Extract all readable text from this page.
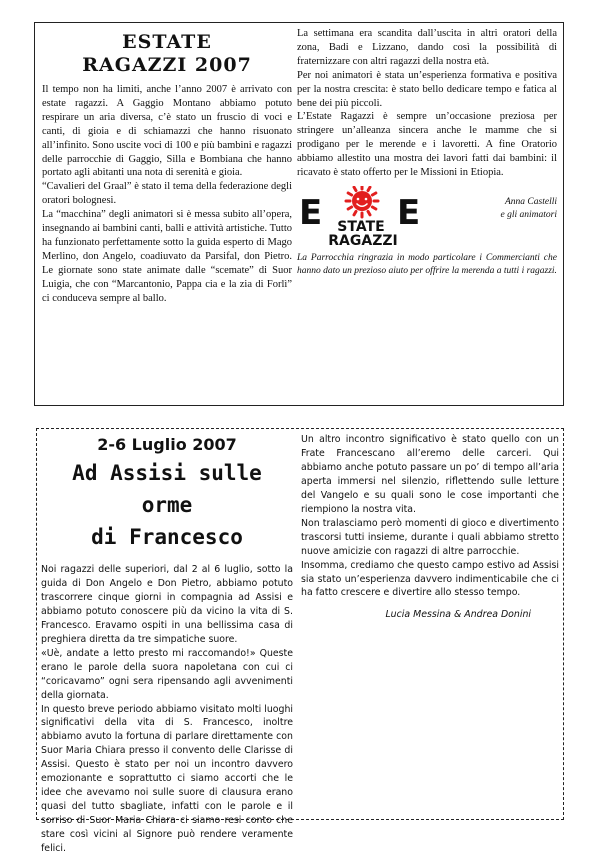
ESTATE
RAGAZZI 2007

Il tempo non ha limiti, anche l’anno 2007 è arrivato con estate ragazzi. A Gaggio Montano abbiamo potuto respirare un aria diversa, c’è stato un fruscio di voci e canti, di gioia e di schiamazzi che hanno risuonato all’infinito. Sono uscite voci di 100 e più bambini e ragazzi delle parrocchie di Gaggio, Silla e Bombiana che hanno portato agli abitanti una nota di serenità e gioia.

“Cavalieri del Graal” è stato il tema della federazione degli oratori bolognesi.

La “macchina” degli animatori si è messa subito all’opera, insegnando ai bambini canti, balli e attività artistiche. Tutto ha funzionato perfettamente sotto la guida esperto di Mago Merlino, don Angelo, coadiuvato da Parsifal, don Pietro. Le giornate sono state animate dalle “scemate” di Suor Luigia, che con “Marcantonio, Pappa cia e la zia di Forlì” ci conduceva sempre al ballo.

La settimana era scandita dall’uscita in altri oratori della zona, Badi e Lizzano, dando così la possibilità di fraternizzare con altri ragazzi della nostra età.

Per noi animatori è stata un’esperienza formativa e positiva per la nostra crescita: è stato bello dedicare tempo e fatica al bene dei più piccoli.

L’Estate Ragazzi è sempre un’occasione preziosa per stringere un’alleanza sincera anche le mamme che si prodigano per le merende e i lavoretti. A fine Oratorio abbiamo allestito una mostra dei lavori fatti dai bambini: il ricavato è stato offerto per le Missioni in Etiopia.

E E
STATE
RAGAZZI
Anna Castelli
e gli animatori

La Parrocchia ringrazia in modo particolare i Commercianti che hanno dato un prezioso aiuto per offrire la merenda a tutti i ragazzi.

2-6 Luglio 2007
Ad Assisi sulle orme
di Francesco

Noi ragazzi delle superiori, dal 2 al 6 luglio, sotto la guida di Don Angelo e Don Pietro, abbiamo potuto trascorrere cinque giorni in compagnia ad Assisi e abbiamo potuto conoscere più da vicino la vita di S. Francesco. Eravamo ospiti in una bellissima casa di preghiera diretta da tre simpatiche suore.

«Uè, andate a letto presto mi raccomando!» Queste erano le parole della suora napoletana con cui ci “coricavamo” ogni sera ripensando agli avvenimenti della giornata.

In questo breve periodo abbiamo visitato molti luoghi significativi della vita di S. Francesco, inoltre abbiamo avuto la fortuna di parlare direttamente con Suor Maria Chiara presso il convento delle Clarisse di Assisi. Questo è stato per noi un incontro davvero emozionante e soprattutto ci siamo accorti che le idee che avevamo noi sulle suore di clausura erano quasi del tutto sbagliate, infatti con le parole e il sorriso di Suor Maria Chiara ci siamo resi conto che stare così vicini al Signore può rendere veramente felici.

Un altro incontro significativo è stato quello con un Frate Francescano all’eremo delle carceri. Qui abbiamo anche potuto passare un po’ di tempo all’aria aperta immersi nel silenzio, riflettendo sulle letture del Vangelo e su quali sono le cose importanti che riempiono la nostra vita.

Non tralasciamo però momenti di gioco e divertimento trascorsi tutti insieme, durante i quali abbiamo stretto nuove amicizie con ragazzi di altre parrocchie.

Insomma, crediamo che questo campo estivo ad Assisi sia stato un’esperienza davvero indimenticabile che ci ha fatto crescere e divertire allo stesso tempo.

Lucia Messina & Andrea Donini
